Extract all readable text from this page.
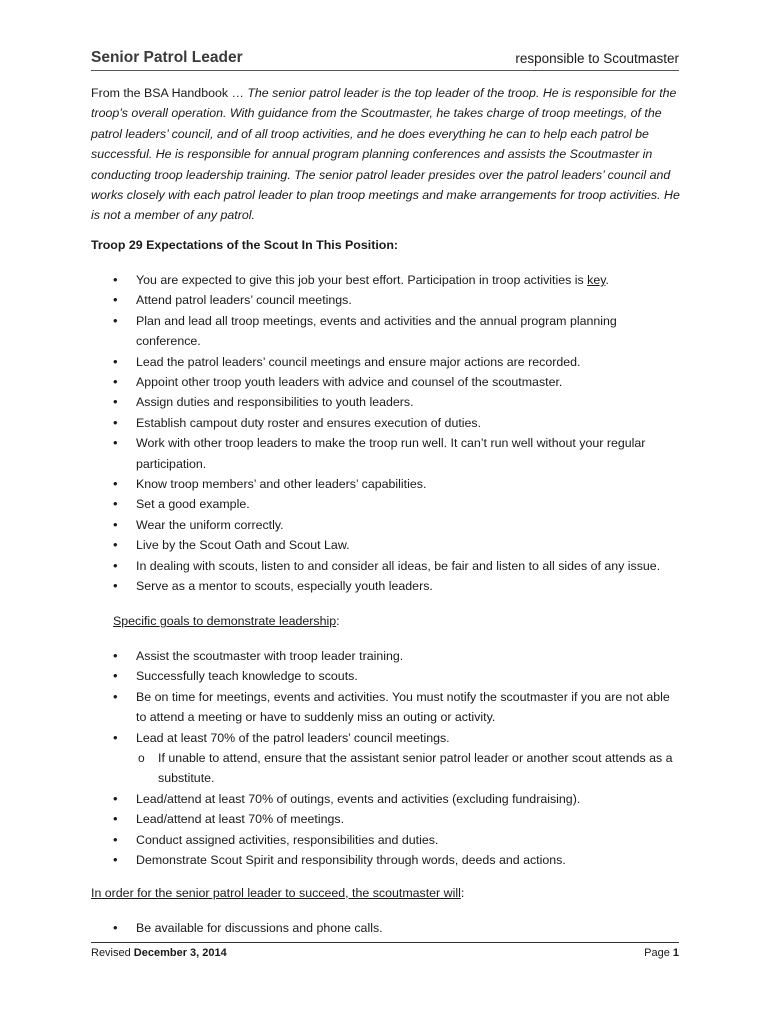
Senior Patrol Leader	responsible to Scoutmaster
From the BSA Handbook … The senior patrol leader is the top leader of the troop. He is responsible for the troop’s overall operation. With guidance from the Scoutmaster, he takes charge of troop meetings, of the patrol leaders’ council, and of all troop activities, and he does everything he can to help each patrol be successful. He is responsible for annual program planning conferences and assists the Scoutmaster in conducting troop leadership training. The senior patrol leader presides over the patrol leaders’ council and works closely with each patrol leader to plan troop meetings and make arrangements for troop activities. He is not a member of any patrol.
Troop 29 Expectations of the Scout In This Position:
• You are expected to give this job your best effort. Participation in troop activities is key.
• Attend patrol leaders’ council meetings.
• Plan and lead all troop meetings, events and activities and the annual program planning conference.
• Lead the patrol leaders’ council meetings and ensure major actions are recorded.
• Appoint other troop youth leaders with advice and counsel of the scoutmaster.
• Assign duties and responsibilities to youth leaders.
• Establish campout duty roster and ensures execution of duties.
• Work with other troop leaders to make the troop run well. It can’t run well without your regular participation.
• Know troop members’ and other leaders’ capabilities.
• Set a good example.
• Wear the uniform correctly.
• Live by the Scout Oath and Scout Law.
• In dealing with scouts, listen to and consider all ideas, be fair and listen to all sides of any issue.
• Serve as a mentor to scouts, especially youth leaders.
Specific goals to demonstrate leadership:
• Assist the scoutmaster with troop leader training.
• Successfully teach knowledge to scouts.
• Be on time for meetings, events and activities. You must notify the scoutmaster if you are not able to attend a meeting or have to suddenly miss an outing or activity.
• Lead at least 70% of the patrol leaders’ council meetings.
o If unable to attend, ensure that the assistant senior patrol leader or another scout attends as a substitute.
• Lead/attend at least 70% of outings, events and activities (excluding fundraising).
• Lead/attend at least 70% of meetings.
• Conduct assigned activities, responsibilities and duties.
• Demonstrate Scout Spirit and responsibility through words, deeds and actions.
In order for the senior patrol leader to succeed, the scoutmaster will:
• Be available for discussions and phone calls.
Revised December 3, 2014	Page 1
